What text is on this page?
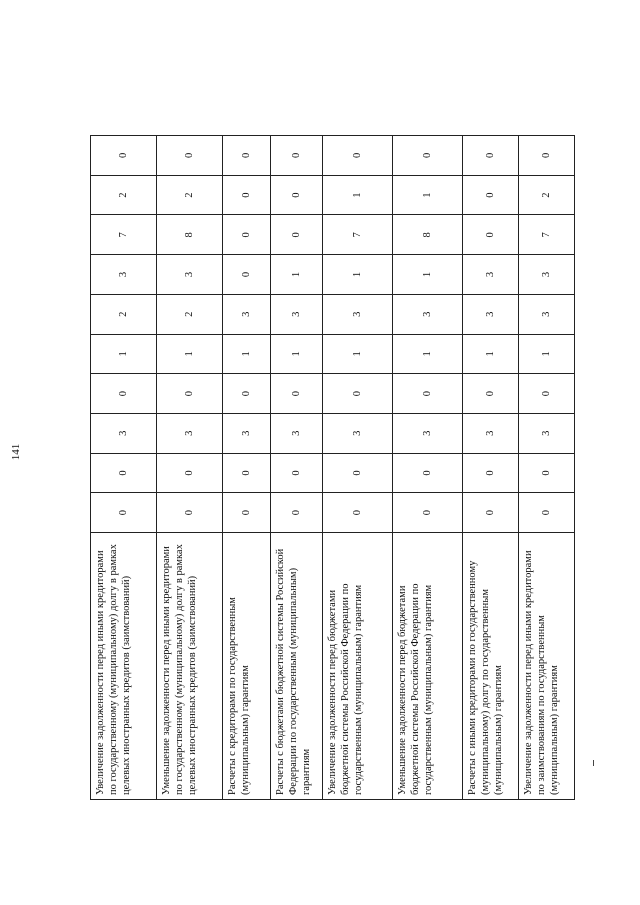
141
Увеличение задолженности перед иными кредиторами по государственному (муниципальному) долгу в рамках целевых иностранных кредитов (заимствований)	0	0	3	0	1	2	3	7	2	0
Уменьшение задолженности перед иными кредиторами по государственному (муниципальному) долгу в рамках целевых иностранных кредитов (заимствований)	0	0	3	0	1	2	3	8	2	0
Расчеты с кредиторами по государственным (муниципальным) гарантиям	0	0	3	0	1	3	0	0	0	0
Расчеты с бюджетами бюджетной системы Российской Федерации по государственным (муниципальным) гарантиям	0	0	3	0	1	3	1	0	0	0
Увеличение задолженности перед бюджетами бюджетной системы Российской Федерации по государственным (муниципальным) гарантиям	0	0	3	0	1	3	1	7	1	0
Уменьшение задолженности перед бюджетами бюджетной системы Российской Федерации по государственным (муниципальным) гарантиям	0	0	3	0	1	3	1	8	1	0
Расчеты с иными кредиторами по государственному (муниципальному) долгу по государственным (муниципальным) гарантиям	0	0	3	0	1	3	3	0	0	0
Увеличение задолженности перед иными кредиторами по заимствованиям по государственным (муниципальным) гарантиям	0	0	3	0	1	3	3	7	2	0
